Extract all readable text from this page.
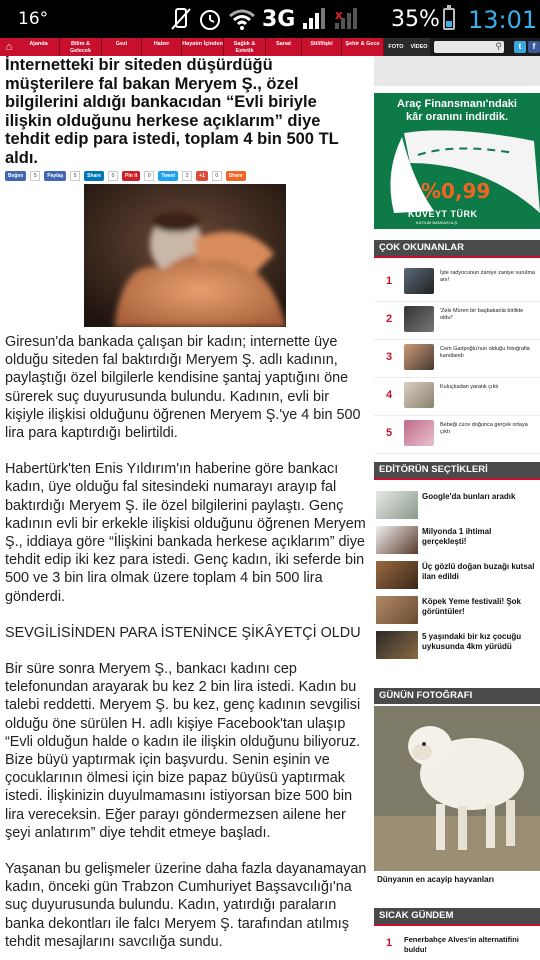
16°	3G	x 35% 13:01
⌂	Ajanda	Bilim & Gelecek
Gezi	Haber	Hayatın İçinden	Sağlık & Estetik
Sanat	Stil/Ilişki	Şehir & Gece	FOTO	VİDEO	⚲	t	f
İnternetteki bir siteden düşürdüğü müşterilere fal bakan Meryem Ş., özel bilgilerini aldığı bankacıdan “Evli biriyle ilişkin olduğunu herkese açıklarım” diye tehdit edip para istedi, toplam 4 bin 500 TL aldı.
Beğen	5	Paylaş	5	Share	0	Pin it	0	Tweet	2	+1	0	Share

Giresun'da bankada çalışan bir kadın; internette üye olduğu siteden fal baktırdığı Meryem Ş. adlı kadının, paylaştığı özel bilgilerle kendisine şantaj yaptığını öne sürerek suç duyurusunda bulundu. Kadının, evli bir kişiyle ilişkisi olduğunu öğrenen Meryem Ş.'ye 4 bin 500 lira para kaptırdığı belirtildi.

Habertürk'ten Enis Yıldırım'ın haberine göre bankacı kadın, üye olduğu fal sitesindeki numarayı arayıp fal baktırdığı Meryem Ş. ile özel bilgilerini paylaştı. Genç kadının evli bir erkekle ilişkisi olduğunu öğrenen Meryem Ş., iddiaya göre “İlişkini bankada herkese açıklarım” diye tehdit edip iki kez para istedi. Genç kadın, iki seferde bin 500 ve 3 bin lira olmak üzere toplam 4 bin 500 lira gönderdi.

SEVGİLİSİNDEN PARA İSTENİNCE ŞİKÂYETÇİ OLDU

Bir süre sonra Meryem Ş., bankacı kadını cep telefonundan arayarak bu kez 2 bin lira istedi. Kadın bu talebi reddetti. Meryem Ş. bu kez, genç kadının sevgilisi olduğu öne sürülen H. adlı kişiye Facebook'tan ulaşıp “Evli olduğun halde o kadın ile ilişkin olduğunu biliyoruz. Bize büyü yaptırmak için başvurdu. Senin eşinin ve çocuklarının ölmesi için bize papaz büyüsü yaptırmak istedi. İlişkinizin duyulmamasını istiyorsan bize 500 bin lira vereceksin. Eğer parayı göndermezsen ailene her şeyi anlatırım” diye tehdit etmeye başladı.

Yaşanan bu gelişmeler üzerine daha fazla dayanamayan kadın, önceki gün Trabzon Cumhuriyet Başsavcılığı'na suç duyurusunda bulundu. Kadın, yatırdığı paraların banka dekontları ile falcı Meryem Ş. tarafından atılmış tehdit mesajlarını savcılığa sundu.

Araç Finansmanı'ndaki
kâr oranını indirdik.
%0,99
KUVEYT TÜRK
KATILIM BANKASI A.Ş.
ÇOK OKUNANLAR
1
İşte radyocunun zaniye zaniye vurulma anı!
2
'Zeki Müren bir başbakanla birlikte oldu!'
3
Cem Garipoğlu'nun olduğu fotoğrafla kanıtlandı
4
Kuluçkadan yaratık çıktı
5
Bebeği cüce doğunca gerçek ortaya çıktı
EDİTÖRÜN SEÇTİKLERİ
Google'da bunları aradık
Milyonda 1 ihtimal gerçekleşti!
Üç gözlü doğan buzağı kutsal ilan edildi
Köpek Yeme festivali! Şok görüntüler!
5 yaşındaki bir kız çocuğu uykusunda 4km yürüdü
GÜNÜN FOTOĞRAFI
Dünyanın en acayip hayvanları
SICAK GÜNDEM
1 Fenerbahçe Alves'in alternatifini buldu!
